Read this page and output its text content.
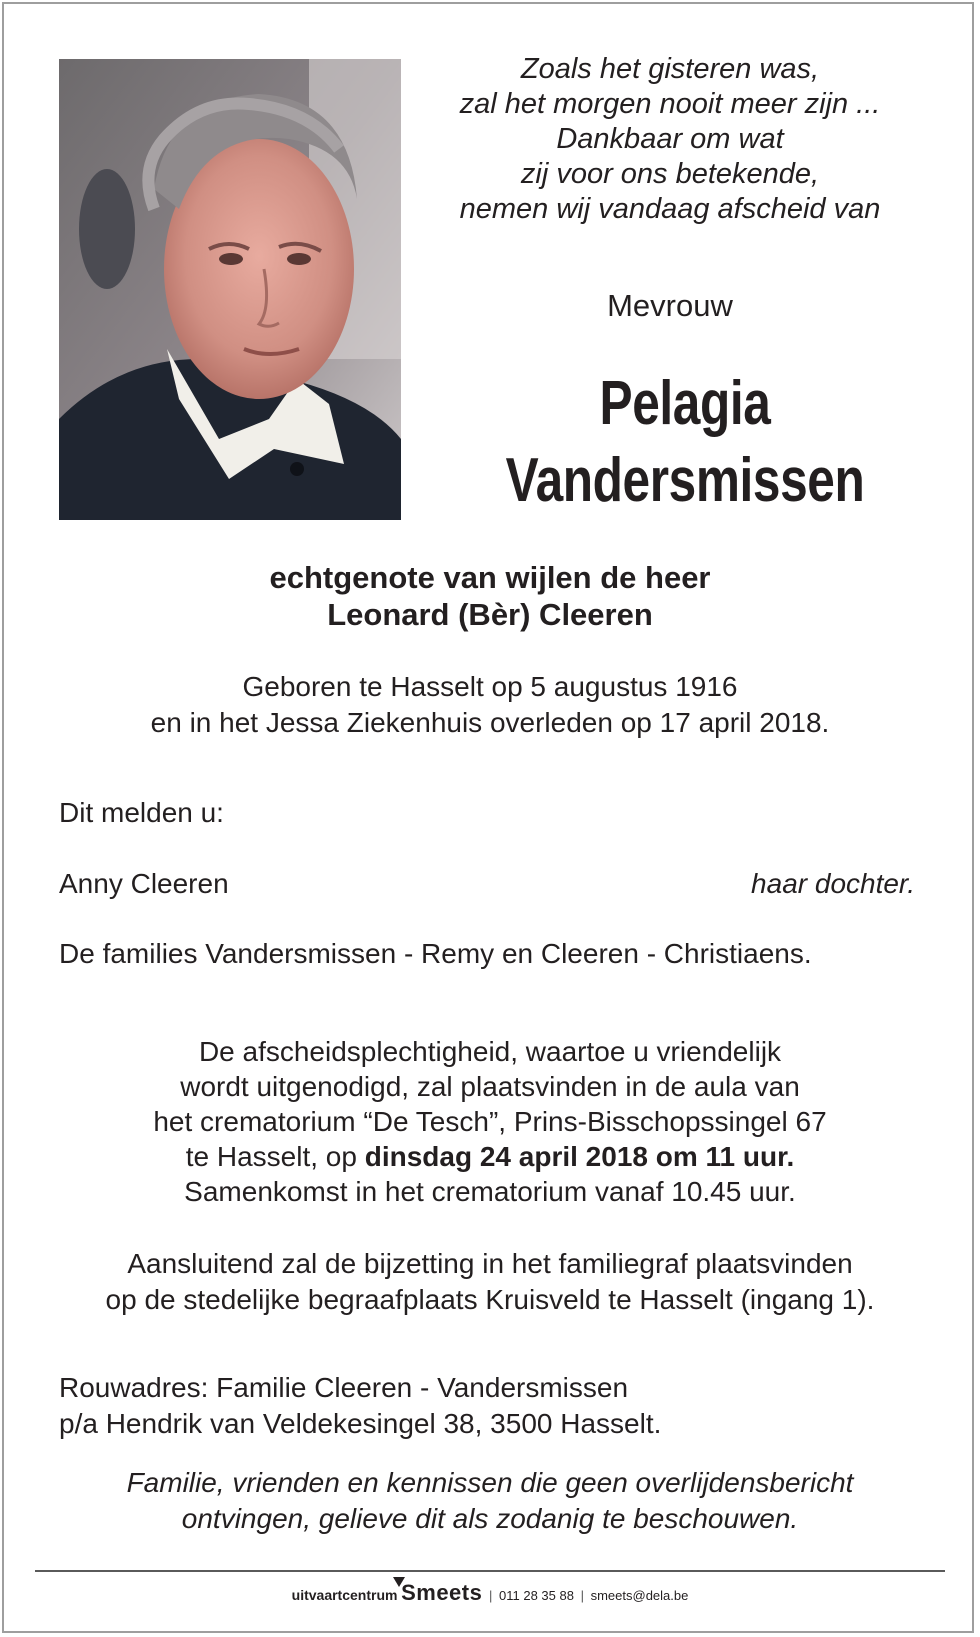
Zoals het gisteren was,
zal het morgen nooit meer zijn ...
Dankbaar om wat
zij voor ons betekende,
nemen wij vandaag afscheid van
Mevrouw
Pelagia
Vandersmissen
echtgenote van wijlen de heer
Leonard (Bèr) Cleeren
Geboren te Hasselt op 5 augustus 1916
en in het Jessa Ziekenhuis overleden op 17 april 2018.
Dit melden u:
Anny Cleeren	haar dochter.
De families Vandersmissen - Remy en Cleeren - Christiaens.
De afscheidsplechtigheid, waartoe u vriendelijk
wordt uitgenodigd, zal plaatsvinden in de aula van
het crematorium “De Tesch”, Prins-Bisschopssingel 67
te Hasselt, op dinsdag 24 april 2018 om 11 uur.
Samenkomst in het crematorium vanaf 10.45 uur.
Aansluitend zal de bijzetting in het familiegraf plaatsvinden
op de stedelijke begraafplaats Kruisveld te Hasselt (ingang 1).
Rouwadres: Familie Cleeren - Vandersmissen
p/a Hendrik van Veldekesingel 38, 3500 Hasselt.
Familie, vrienden en kennissen die geen overlijdensbericht
ontvingen, gelieve dit als zodanig te beschouwen.
uitvaartcentrum Smeets | 011 28 35 88 | smeets@dela.be
